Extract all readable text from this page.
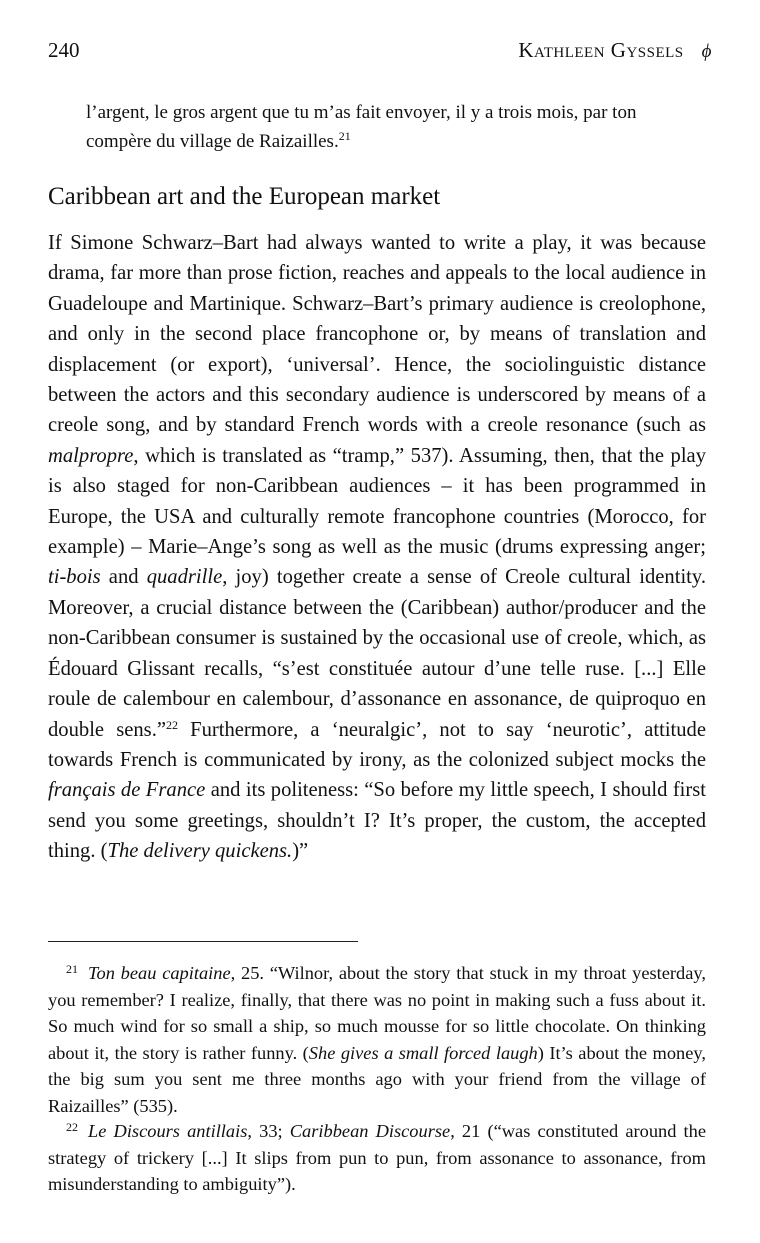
240	Kathleen Gyssels ϕ
l’argent, le gros argent que tu m’as fait envoyer, il y a trois mois, par ton compère du village de Raizailles.$^{21}$
Caribbean art and the European market
If Simone Schwarz–Bart had always wanted to write a play, it was because drama, far more than prose fiction, reaches and appeals to the local audience in Guadeloupe and Martinique. Schwarz–Bart’s primary audience is creolophone, and only in the second place francophone or, by means of translation and displacement (or export), ‘universal’. Hence, the sociolinguistic distance between the actors and this secondary audience is underscored by means of a creole song, and by standard French words with a creole resonance (such as malpropre, which is translated as “tramp,” 537). Assuming, then, that the play is also staged for non-Caribbean audiences – it has been programmed in Europe, the USA and culturally remote francophone countries (Morocco, for example) – Marie–Ange’s song as well as the music (drums expressing anger; ti-bois and quadrille, joy) together create a sense of Creole cultural identity. Moreover, a crucial distance between the (Caribbean) author/producer and the non-Caribbean consumer is sustained by the occasional use of creole, which, as Édouard Glissant recalls, “s’est constituée autour d’une telle ruse. [...] Elle roule de calembour en calembour, d’assonance en assonance, de quiproquo en double sens.”$^{22}$ Furthermore, a ‘neuralgic’, not to say ‘neurotic’, attitude towards French is communicated by irony, as the colonized subject mocks the français de France and its politeness: “So before my little speech, I should first send you some greetings, shouldn’t I? It’s proper, the custom, the accepted thing. (The delivery quickens.)”
$^{21}$ Ton beau capitaine, 25. “Wilnor, about the story that stuck in my throat yesterday, you remember? I realize, finally, that there was no point in making such a fuss about it. So much wind for so small a ship, so much mousse for so little chocolate. On thinking about it, the story is rather funny. (She gives a small forced laugh) It’s about the money, the big sum you sent me three months ago with your friend from the village of Raizailles” (535).
$^{22}$ Le Discours antillais, 33; Caribbean Discourse, 21 (“was constituted around the strategy of trickery [...] It slips from pun to pun, from assonance to assonance, from misunderstanding to ambiguity”).
